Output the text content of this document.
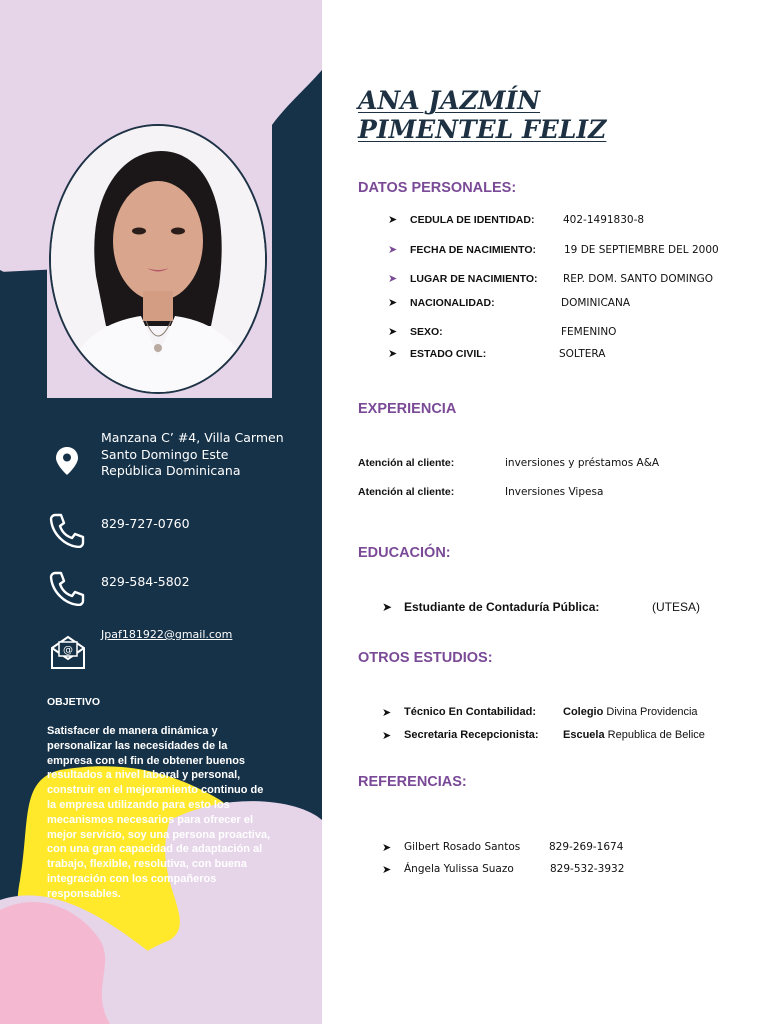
Manzana C’ #4, Villa Carmen
Santo Domingo Este
República Dominicana
829-727-0760
829-584-5802
@
Jpaf181922@gmail.com
OBJETIVO
Satisfacer de manera dinámica y personalizar las necesidades de la empresa con el fin de obtener buenos resultados a nivel laboral y personal, construir en el mejoramiento continuo de la empresa utilizando para esto los mecanismos necesarios para ofrecer el mejor servicio, soy una persona proactiva, con una gran capacidad de adaptación al trabajo, flexible, resolutiva, con buena integración con los compañeros responsables.
ANA JAZMÍN
PIMENTEL FELIZ
DATOS PERSONALES:
➤ CEDULA DE IDENTIDAD:	402-1491830-8
➤ FECHA DE NACIMIENTO:	19 DE SEPTIEMBRE DEL 2000
➤ LUGAR DE NACIMIENTO: REP. DOM. SANTO DOMINGO
➤ NACIONALIDAD:	DOMINICANA
➤ SEXO:	FEMENINO
➤ ESTADO CIVIL:	SOLTERA
EXPERIENCIA
Atención al cliente:	inversiones y préstamos A&A
Atención al cliente:	Inversiones Vipesa
EDUCACIÓN:
➤ Estudiante de Contaduría Pública:	(UTESA)
OTROS ESTUDIOS:
➤ Técnico En Contabilidad: Colegio Divina Providencia
➤ Secretaria Recepcionista: Escuela Republica de Belice
REFERENCIAS:
➤ Gilbert Rosado Santos	829-269-1674
➤ Ángela Yulissa Suazo	829-532-3932
